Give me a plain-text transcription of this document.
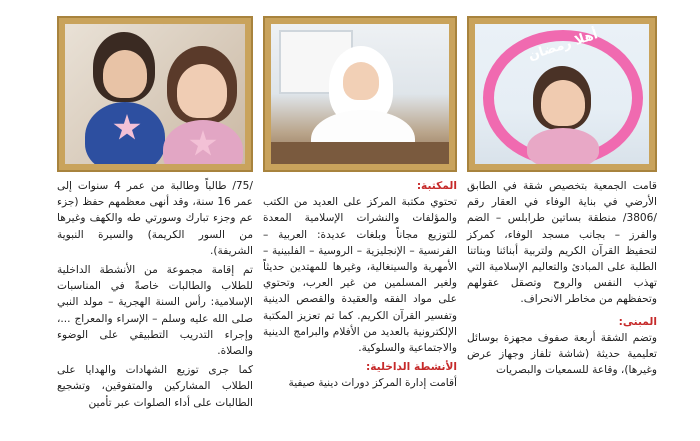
أهلا رمضان

قامت الجمعية بتخصيص شقة في الطابق الأرضي في بناية الوفاء في العقار رقم /3806/ منطقة بساتين طرابلس – الضم والفرز – بجانب مسجد الوفاء، كمركز لتحفيظ القرآن الكريم ولتربية أبنائنا وبناتنا الطلبة على المبادئ والتعاليم الإسلامية التي تهذب النفس والروح وتصقل عقولهم وتحفظهم من مخاطر الانحراف.

المبنى:

وتضم الشقة أربعة صفوف مجهزة بوسائل تعليمية حديثة (شاشة تلفاز وجهاز عرض وغيرها)، وقاعة للسمعيات والبصريات

المكتبة:

تحتوي مكتبة المركز على العديد من الكتب والمؤلفات والنشرات الإسلامية المعدة للتوزيع مجاناً وبلغات عديدة: العربية – الفرنسية – الإنجليزية – الروسية – الفلبينية – الأمهرية والسينغالية، وغيرها للمهتدين حديثاً ولغير المسلمين من غير العرب، وتحتوي على مواد الفقه والعقيدة والقصص الدينية وتفسير القرآن الكريم. كما تم تعزيز المكتبة الإلكترونية بالعديد من الأفلام والبرامج الدينية والاجتماعية والسلوكية.

الأنشطة الداخلية:

أقامت إدارة المركز دورات دينية صيفية

/75/ طالباً وطالبة من عمر 4 سنوات إلى عمر 16 سنة، وقد أنهى معظمهم حفظ (جزء عم وجزء تبارك وسورتي طه والكهف وغيرها من السور الكريمة) والسيرة النبوية الشريفة).

تم إقامة مجموعة من الأنشطة الداخلية للطلاب والطالبات خاصةً في المناسبات الإسلامية: رأس السنة الهجرية – مولد النبي صلى الله عليه وسلم – الإسراء والمعراج ...، وإجراء التدريب التطبيقي على الوضوء والصلاة.

كما جرى توزيع الشهادات والهدايا على الطلاب المشاركين والمتفوقين، وتشجيع الطالبات على أداء الصلوات عبر تأمين
